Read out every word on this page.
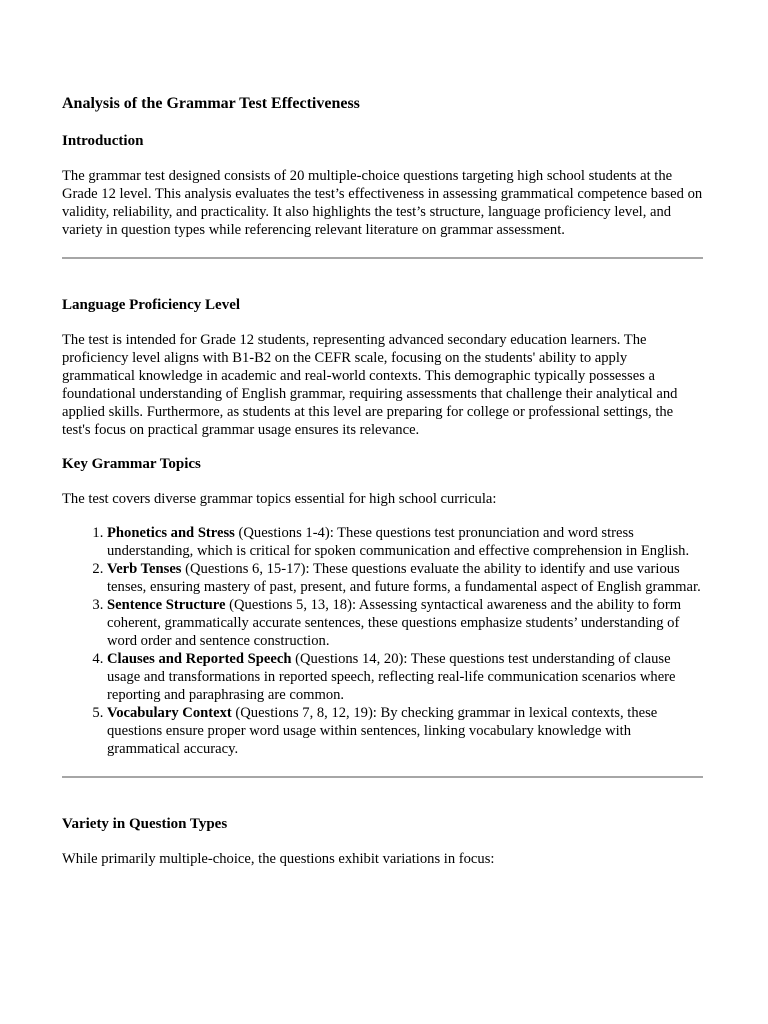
Analysis of the Grammar Test Effectiveness
Introduction

The grammar test designed consists of 20 multiple-choice questions targeting high school students at the Grade 12 level. This analysis evaluates the test’s effectiveness in assessing grammatical competence based on validity, reliability, and practicality. It also highlights the test’s structure, language proficiency level, and variety in question types while referencing relevant literature on grammar assessment.

Language Proficiency Level

The test is intended for Grade 12 students, representing advanced secondary education learners. The proficiency level aligns with B1-B2 on the CEFR scale, focusing on the students' ability to apply grammatical knowledge in academic and real-world contexts. This demographic typically possesses a foundational understanding of English grammar, requiring assessments that challenge their analytical and applied skills. Furthermore, as students at this level are preparing for college or professional settings, the test's focus on practical grammar usage ensures its relevance.

Key Grammar Topics

The test covers diverse grammar topics essential for high school curricula:

1. Phonetics and Stress (Questions 1-4): These questions test pronunciation and word stress understanding, which is critical for spoken communication and effective comprehension in English.
2. Verb Tenses (Questions 6, 15-17): These questions evaluate the ability to identify and use various tenses, ensuring mastery of past, present, and future forms, a fundamental aspect of English grammar.
3. Sentence Structure (Questions 5, 13, 18): Assessing syntactical awareness and the ability to form coherent, grammatically accurate sentences, these questions emphasize students’ understanding of word order and sentence construction.
4. Clauses and Reported Speech (Questions 14, 20): These questions test understanding of clause usage and transformations in reported speech, reflecting real-life communication scenarios where reporting and paraphrasing are common.
5. Vocabulary Context (Questions 7, 8, 12, 19): By checking grammar in lexical contexts, these questions ensure proper word usage within sentences, linking vocabulary knowledge with grammatical accuracy.
Variety in Question Types

While primarily multiple-choice, the questions exhibit variations in focus:
